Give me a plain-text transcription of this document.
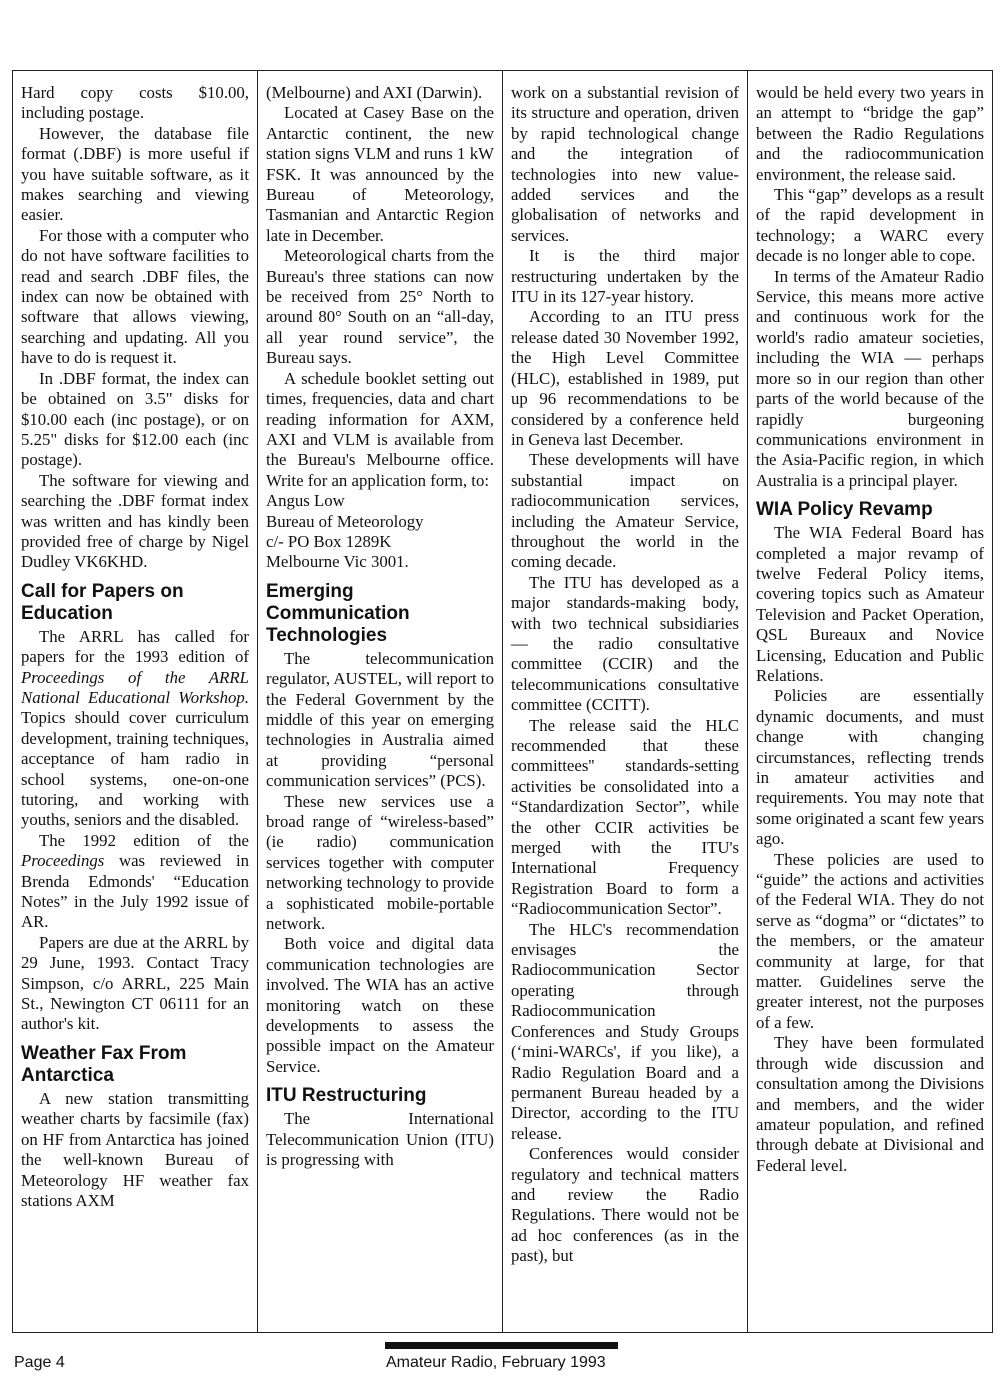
Hard copy costs $10.00, including postage.

However, the database file format (.DBF) is more useful if you have suitable software, as it makes searching and viewing easier.

For those with a computer who do not have software facilities to read and search .DBF files, the index can now be obtained with software that allows viewing, searching and updating. All you have to do is request it.

In .DBF format, the index can be obtained on 3.5" disks for $10.00 each (inc postage), or on 5.25" disks for $12.00 each (inc postage).

The software for viewing and searching the .DBF format index was written and has kindly been provided free of charge by Nigel Dudley VK6KHD.

Call for Papers on Education

The ARRL has called for papers for the 1993 edition of Proceedings of the ARRL National Educational Workshop. Topics should cover curriculum development, training techniques, acceptance of ham radio in school systems, one-on-one tutoring, and working with youths, seniors and the disabled.

The 1992 edition of the Proceedings was reviewed in Brenda Edmonds' “Education Notes” in the July 1992 issue of AR.

Papers are due at the ARRL by 29 June, 1993. Contact Tracy Simpson, c/o ARRL, 225 Main St., Newington CT 06111 for an author's kit.

Weather Fax From Antarctica

A new station transmitting weather charts by facsimile (fax) on HF from Antarctica has joined the well-known Bureau of Meteorology HF weather fax stations AXM

(Melbourne) and AXI (Darwin).

Located at Casey Base on the Antarctic continent, the new station signs VLM and runs 1 kW FSK. It was announced by the Bureau of Meteorology, Tasmanian and Antarctic Region late in December.

Meteorological charts from the Bureau's three stations can now be received from 25° North to around 80° South on an “all-day, all year round service”, the Bureau says.

A schedule booklet setting out times, frequencies, data and chart reading information for AXM, AXI and VLM is available from the Bureau's Melbourne office. Write for an application form, to:

Angus Low

Bureau of Meteorology

c/- PO Box 1289K

Melbourne Vic 3001.

Emerging Communication Technologies

The telecommunication regulator, AUSTEL, will report to the Federal Government by the middle of this year on emerging technologies in Australia aimed at providing “personal communication services” (PCS).

These new services use a broad range of “wireless-based” (ie radio) communication services together with computer networking technology to provide a sophisticated mobile-portable network.

Both voice and digital data communication technologies are involved. The WIA has an active monitoring watch on these developments to assess the possible impact on the Amateur Service.

ITU Restructuring

The International Telecommunication Union (ITU) is progressing with

work on a substantial revision of its structure and operation, driven by rapid technological change and the integration of technologies into new value-added services and the globalisation of networks and services.

It is the third major restructuring undertaken by the ITU in its 127-year history.

According to an ITU press release dated 30 November 1992, the High Level Committee (HLC), established in 1989, put up 96 recommendations to be considered by a conference held in Geneva last December.

These developments will have substantial impact on radiocommunication services, including the Amateur Service, throughout the world in the coming decade.

The ITU has developed as a major standards-making body, with two technical subsidiaries — the radio consultative committee (CCIR) and the telecommunications consultative committee (CCITT).

The release said the HLC recommended that these committees'' standards-setting activities be consolidated into a “Standardization Sector”, while the other CCIR activities be merged with the ITU's International Frequency Registration Board to form a “Radiocommunication Sector”.

The HLC's recommendation envisages the Radiocommunication Sector operating through Radiocommunication Conferences and Study Groups (‘mini-WARCs', if you like), a Radio Regulation Board and a permanent Bureau headed by a Director, according to the ITU release.

Conferences would consider regulatory and technical matters and review the Radio Regulations. There would not be ad hoc conferences (as in the past), but

would be held every two years in an attempt to “bridge the gap” between the Radio Regulations and the radiocommunication environment, the release said.

This “gap” develops as a result of the rapid development in technology; a WARC every decade is no longer able to cope.

In terms of the Amateur Radio Service, this means more active and continuous work for the world's radio amateur societies, including the WIA — perhaps more so in our region than other parts of the world because of the rapidly burgeoning communications environment in the Asia-Pacific region, in which Australia is a principal player.

WIA Policy Revamp

The WIA Federal Board has completed a major revamp of twelve Federal Policy items, covering topics such as Amateur Television and Packet Operation, QSL Bureaux and Novice Licensing, Education and Public Relations.

Policies are essentially dynamic documents, and must change with changing circumstances, reflecting trends in amateur activities and requirements. You may note that some originated a scant few years ago.

These policies are used to “guide” the actions and activities of the Federal WIA. They do not serve as “dogma” or “dictates” to the members, or the amateur community at large, for that matter. Guidelines serve the greater interest, not the purposes of a few.

They have been formulated through wide discussion and consultation among the Divisions and members, and the wider amateur population, and refined through debate at Divisional and Federal level.

Page 4	Amateur Radio, February 1993
